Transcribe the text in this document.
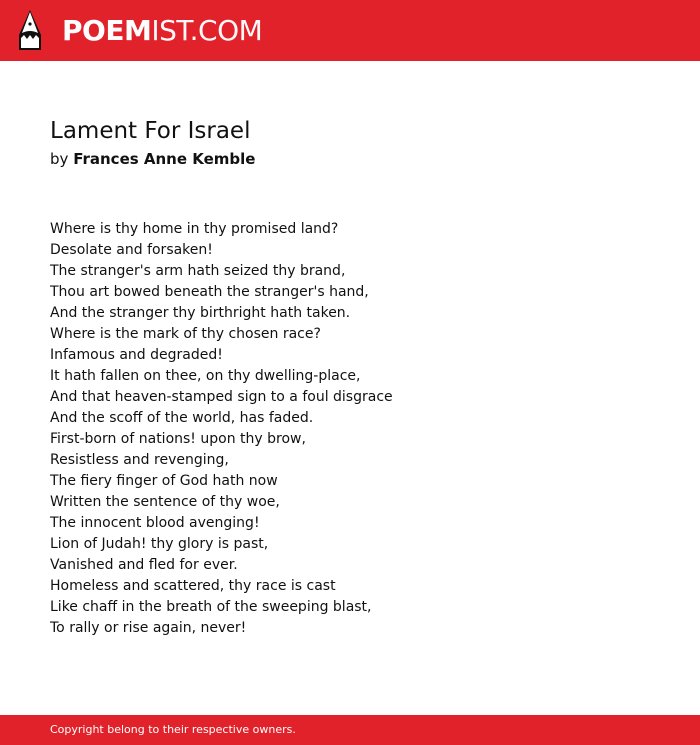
POEMIST.COM
Lament For Israel
by Frances Anne Kemble
Where is thy home in thy promised land?
Desolate and forsaken!
The stranger's arm hath seized thy brand,
Thou art bowed beneath the stranger's hand,
And the stranger thy birthright hath taken.
Where is the mark of thy chosen race?
Infamous and degraded!
It hath fallen on thee, on thy dwelling-place,
And that heaven-stamped sign to a foul disgrace
And the scoff of the world, has faded.
First-born of nations! upon thy brow,
Resistless and revenging,
The fiery finger of God hath now
Written the sentence of thy woe,
The innocent blood avenging!
Lion of Judah! thy glory is past,
Vanished and fled for ever.
Homeless and scattered, thy race is cast
Like chaff in the breath of the sweeping blast,
To rally or rise again, never!
Copyright belong to their respective owners.
